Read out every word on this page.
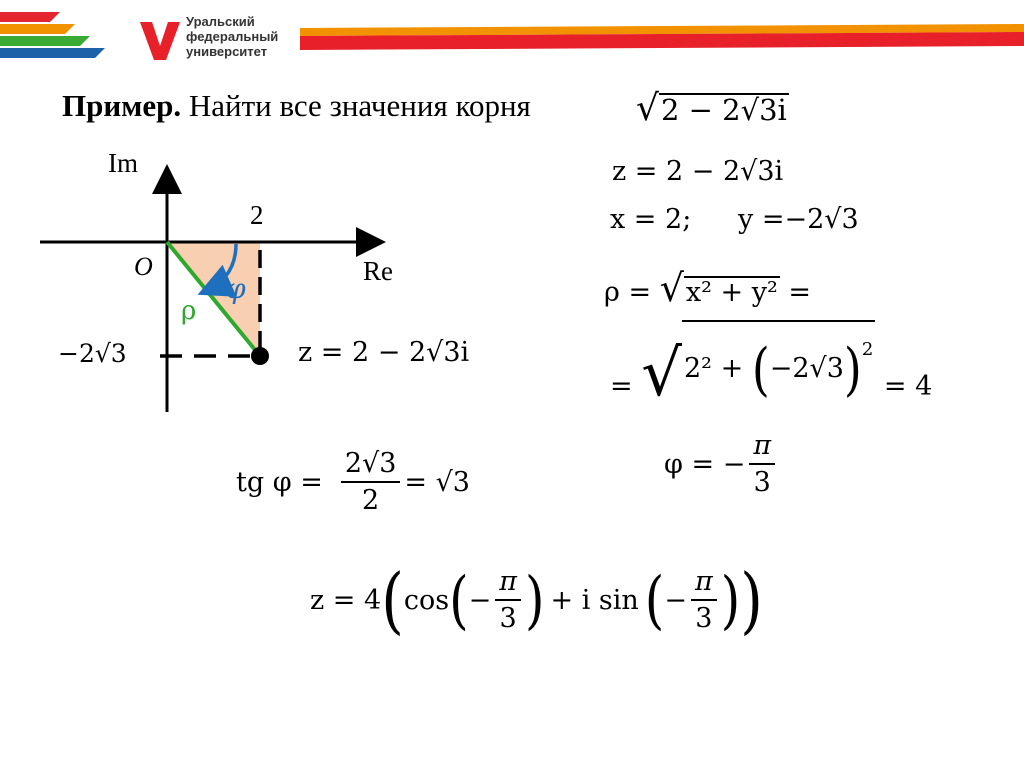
Уральский
федеральный
университет
Пример. Найти все значения корня	√2 − 2√3i
Im
Re
O
2
−2√3
ρ
φ
z = 2 − 2√3i
z = 2 − 2√3i
x = 2; y =−2√3
ρ = √x² + y² =
= $√2^2 + (-2√3)^2 = 4$
tg $\varphi = \frac{2√3}{2} = √3$
φ = − $\frac{\pi}{3}$
z = 4 ( cos ( − $\frac{\pi}{3}$ ) + i sin ( − $\frac{\pi}{3}$ ) )
